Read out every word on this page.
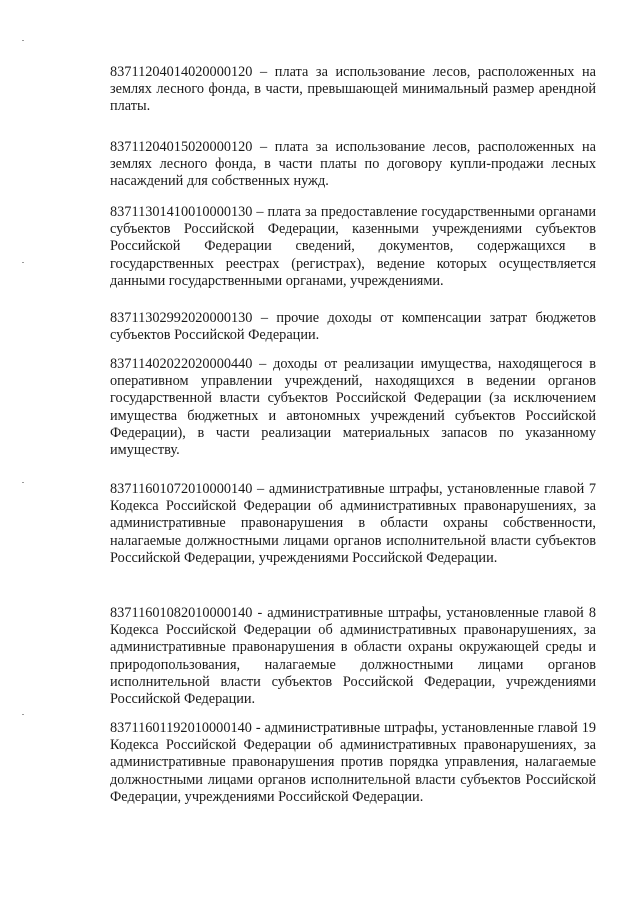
83711204014020000120 – плата за использование лесов, расположенных на землях лесного фонда, в части, превышающей минимальный размер арендной платы.

83711204015020000120 – плата за использование лесов, расположенных на землях лесного фонда, в части платы по договору купли-продажи лесных насаждений для собственных нужд.

83711301410010000130 – плата за предоставление государственными органами субъектов Российской Федерации, казенными учреждениями субъектов Российской Федерации сведений, документов, содержащихся в государственных реестрах (регистрах), ведение которых осуществляется данными государственными органами, учреждениями.

83711302992020000130 – прочие доходы от компенсации затрат бюджетов субъектов Российской Федерации.

83711402022020000440 – доходы от реализации имущества, находящегося в оперативном управлении учреждений, находящихся в ведении органов государственной власти субъектов Российской Федерации (за исключением имущества бюджетных и автономных учреждений субъектов Российской Федерации), в части реализации материальных запасов по указанному имуществу.

83711601072010000140 – административные штрафы, установленные главой 7 Кодекса Российской Федерации об административных правонарушениях, за административные правонарушения в области охраны собственности, налагаемые должностными лицами органов исполнительной власти субъектов Российской Федерации, учреждениями Российской Федерации.

83711601082010000140 - административные штрафы, установленные главой 8 Кодекса Российской Федерации об административных правонарушениях, за административные правонарушения в области охраны окружающей среды и природопользования, налагаемые должностными лицами органов исполнительной власти субъектов Российской Федерации, учреждениями Российской Федерации.

83711601192010000140 - административные штрафы, установленные главой 19 Кодекса Российской Федерации об административных правонарушениях, за административные правонарушения против порядка управления, налагаемые должностными лицами органов исполнительной власти субъектов Российской Федерации, учреждениями Российской Федерации.
